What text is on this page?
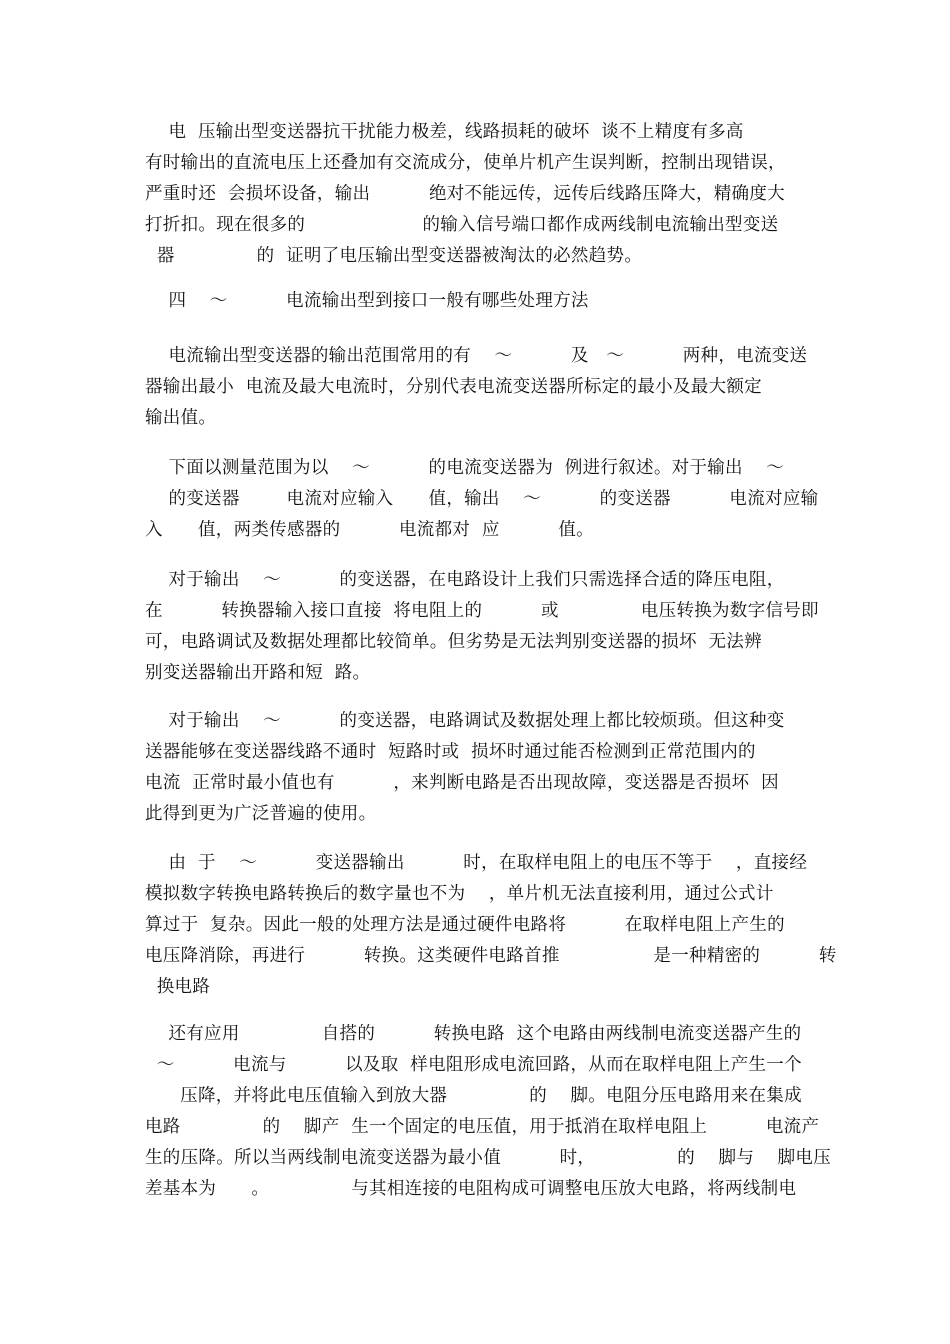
电  压输出型变送器抗干扰能力极差，线路损耗的破坏  谈不上精度有多高
有时输出的直流电压上还叠加有交流成分，使单片机产生误判断，控制出现错误，
严重时还  会损坏设备，输出          绝对不能远传，远传后线路压降大，精确度大
打折扣。现在很多的                    的输入信号端口都作成两线制电流输出型变送
器              的  证明了电压输出型变送器被淘汰的必然趋势。
四    ～          电流输出型到接口一般有哪些处理方法
电流输出型变送器的输出范围常用的有    ～          及   ～          两种，电流变送
器输出最小  电流及最大电流时，分别代表电流变送器所标定的最小及最大额定
输出值。
下面以测量范围为以    ～          的电流变送器为  例进行叙述。对于输出    ～
的变送器        电流对应输入      值，输出    ～          的变送器          电流对应输
入      值，两类传感器的          电流都对  应          值。
对于输出    ～          的变送器，在电路设计上我们只需选择合适的降压电阻，
在          转换器输入接口直接  将电阻上的          或              电压转换为数字信号即
可，电路调试及数据处理都比较简单。但劣势是无法判别变送器的损坏  无法辨
别变送器输出开路和短  路。
对于输出    ～          的变送器，电路调试及数据处理上都比较烦琐。但这种变
送器能够在变送器线路不通时  短路时或  损坏时通过能否检测到正常范围内的
电流  正常时最小值也有          ，来判断电路是否出现故障，变送器是否损坏  因
此得到更为广泛普遍的使用。
由  于    ～          变送器输出          时，在取样电阻上的电压不等于    ，直接经
模拟数字转换电路转换后的数字量也不为    ，单片机无法直接利用，通过公式计
算过于  复杂。因此一般的处理方法是通过硬件电路将          在取样电阻上产生的
电压降消除，再进行          转换。这类硬件电路首推                是一种精密的          转
换电路
还有应用              自搭的          转换电路  这个电路由两线制电流变送器产生的
～          电流与          以及取  样电阻形成电流回路，从而在取样电阻上产生一个
压降，并将此电压值输入到放大器              的    脚。电阻分压电路用来在集成
电路              的    脚产  生一个固定的电压值，用于抵消在取样电阻上          电流产
生的压降。所以当两线制电流变送器为最小值          时，              的    脚与    脚电压
差基本为      。              与其相连接的电阻构成可调整电压放大电路，将两线制电
